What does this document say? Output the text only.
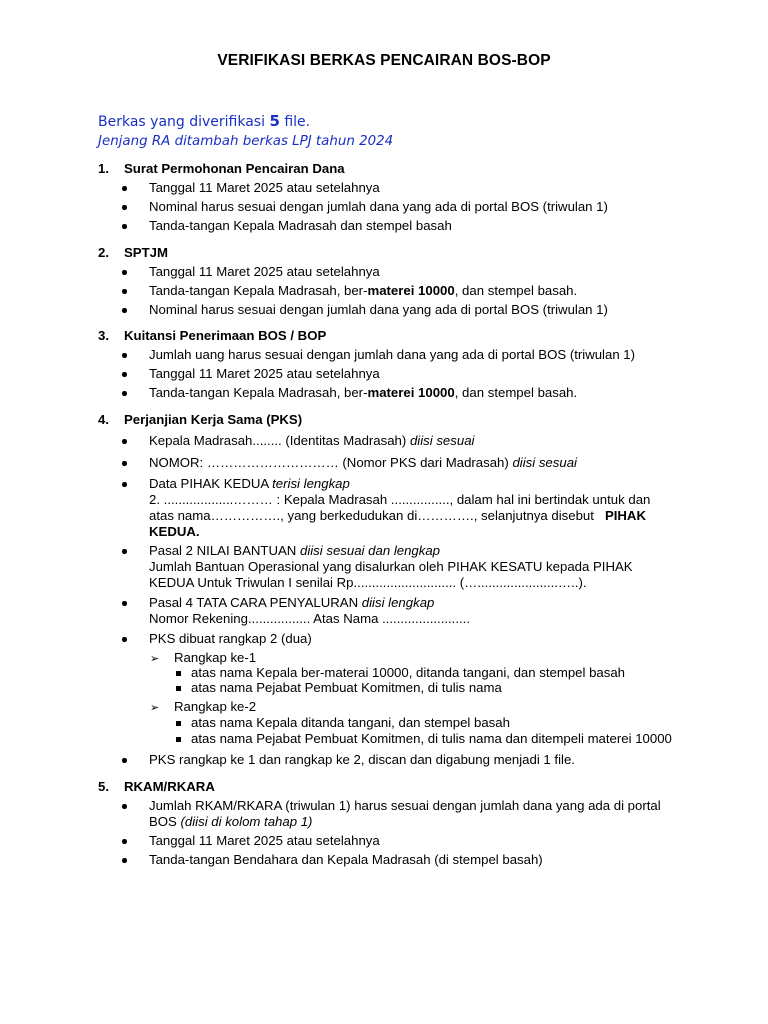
VERIFIKASI BERKAS PENCAIRAN BOS-BOP
Berkas yang diverifikasi 5 file.
Jenjang RA ditambah berkas LPJ tahun 2024
1. Surat Permohonan Pencairan Dana
Tanggal 11 Maret 2025 atau setelahnya
Nominal harus sesuai dengan jumlah dana yang ada di portal BOS (triwulan 1)
Tanda-tangan Kepala Madrasah dan stempel basah
2. SPTJM
Tanggal 11 Maret 2025 atau setelahnya
Tanda-tangan Kepala Madrasah, ber-materei 10000, dan stempel basah.
Nominal harus sesuai dengan jumlah dana yang ada di portal BOS (triwulan 1)
3. Kuitansi Penerimaan BOS / BOP
Jumlah uang harus sesuai dengan jumlah dana yang ada di portal BOS (triwulan 1)
Tanggal 11 Maret 2025 atau setelahnya
Tanda-tangan Kepala Madrasah, ber-materei 10000, dan stempel basah.
4. Perjanjian Kerja Sama (PKS)
Kepala Madrasah........ (Identitas Madrasah) diisi sesuai
NOMOR: ………………………… (Nomor PKS dari Madrasah) diisi sesuai
Data PIHAK KEDUA terisi lengkap
2. ...................……… : Kepala Madrasah ................, dalam hal ini bertindak untuk dan
atas nama……………., yang berkedudukan di…………., selanjutnya disebut PIHAK
KEDUA.
Pasal 2 NILAI BANTUAN diisi sesuai dan lengkap
Jumlah Bantuan Operasional yang disalurkan oleh PIHAK KESATU kepada PIHAK
KEDUA Untuk Triwulan I senilai Rp............................ (…......................…..).
Pasal 4 TATA CARA PENYALURAN diisi lengkap
Nomor Rekening................. Atas Nama ........................
PKS dibuat rangkap 2 (dua)
➢ Rangkap ke-1
atas nama Kepala ber-materai 10000, ditanda tangani, dan stempel basah
atas nama Pejabat Pembuat Komitmen, di tulis nama
➢ Rangkap ke-2
atas nama Kepala ditanda tangani, dan stempel basah
atas nama Pejabat Pembuat Komitmen, di tulis nama dan ditempeli materei 10000
PKS rangkap ke 1 dan rangkap ke 2, discan dan digabung menjadi 1 file.
5. RKAM/RKARA
Jumlah RKAM/RKARA (triwulan 1) harus sesuai dengan jumlah dana yang ada di portal
BOS (diisi di kolom tahap 1)
Tanggal 11 Maret 2025 atau setelahnya
Tanda-tangan Bendahara dan Kepala Madrasah (di stempel basah)
